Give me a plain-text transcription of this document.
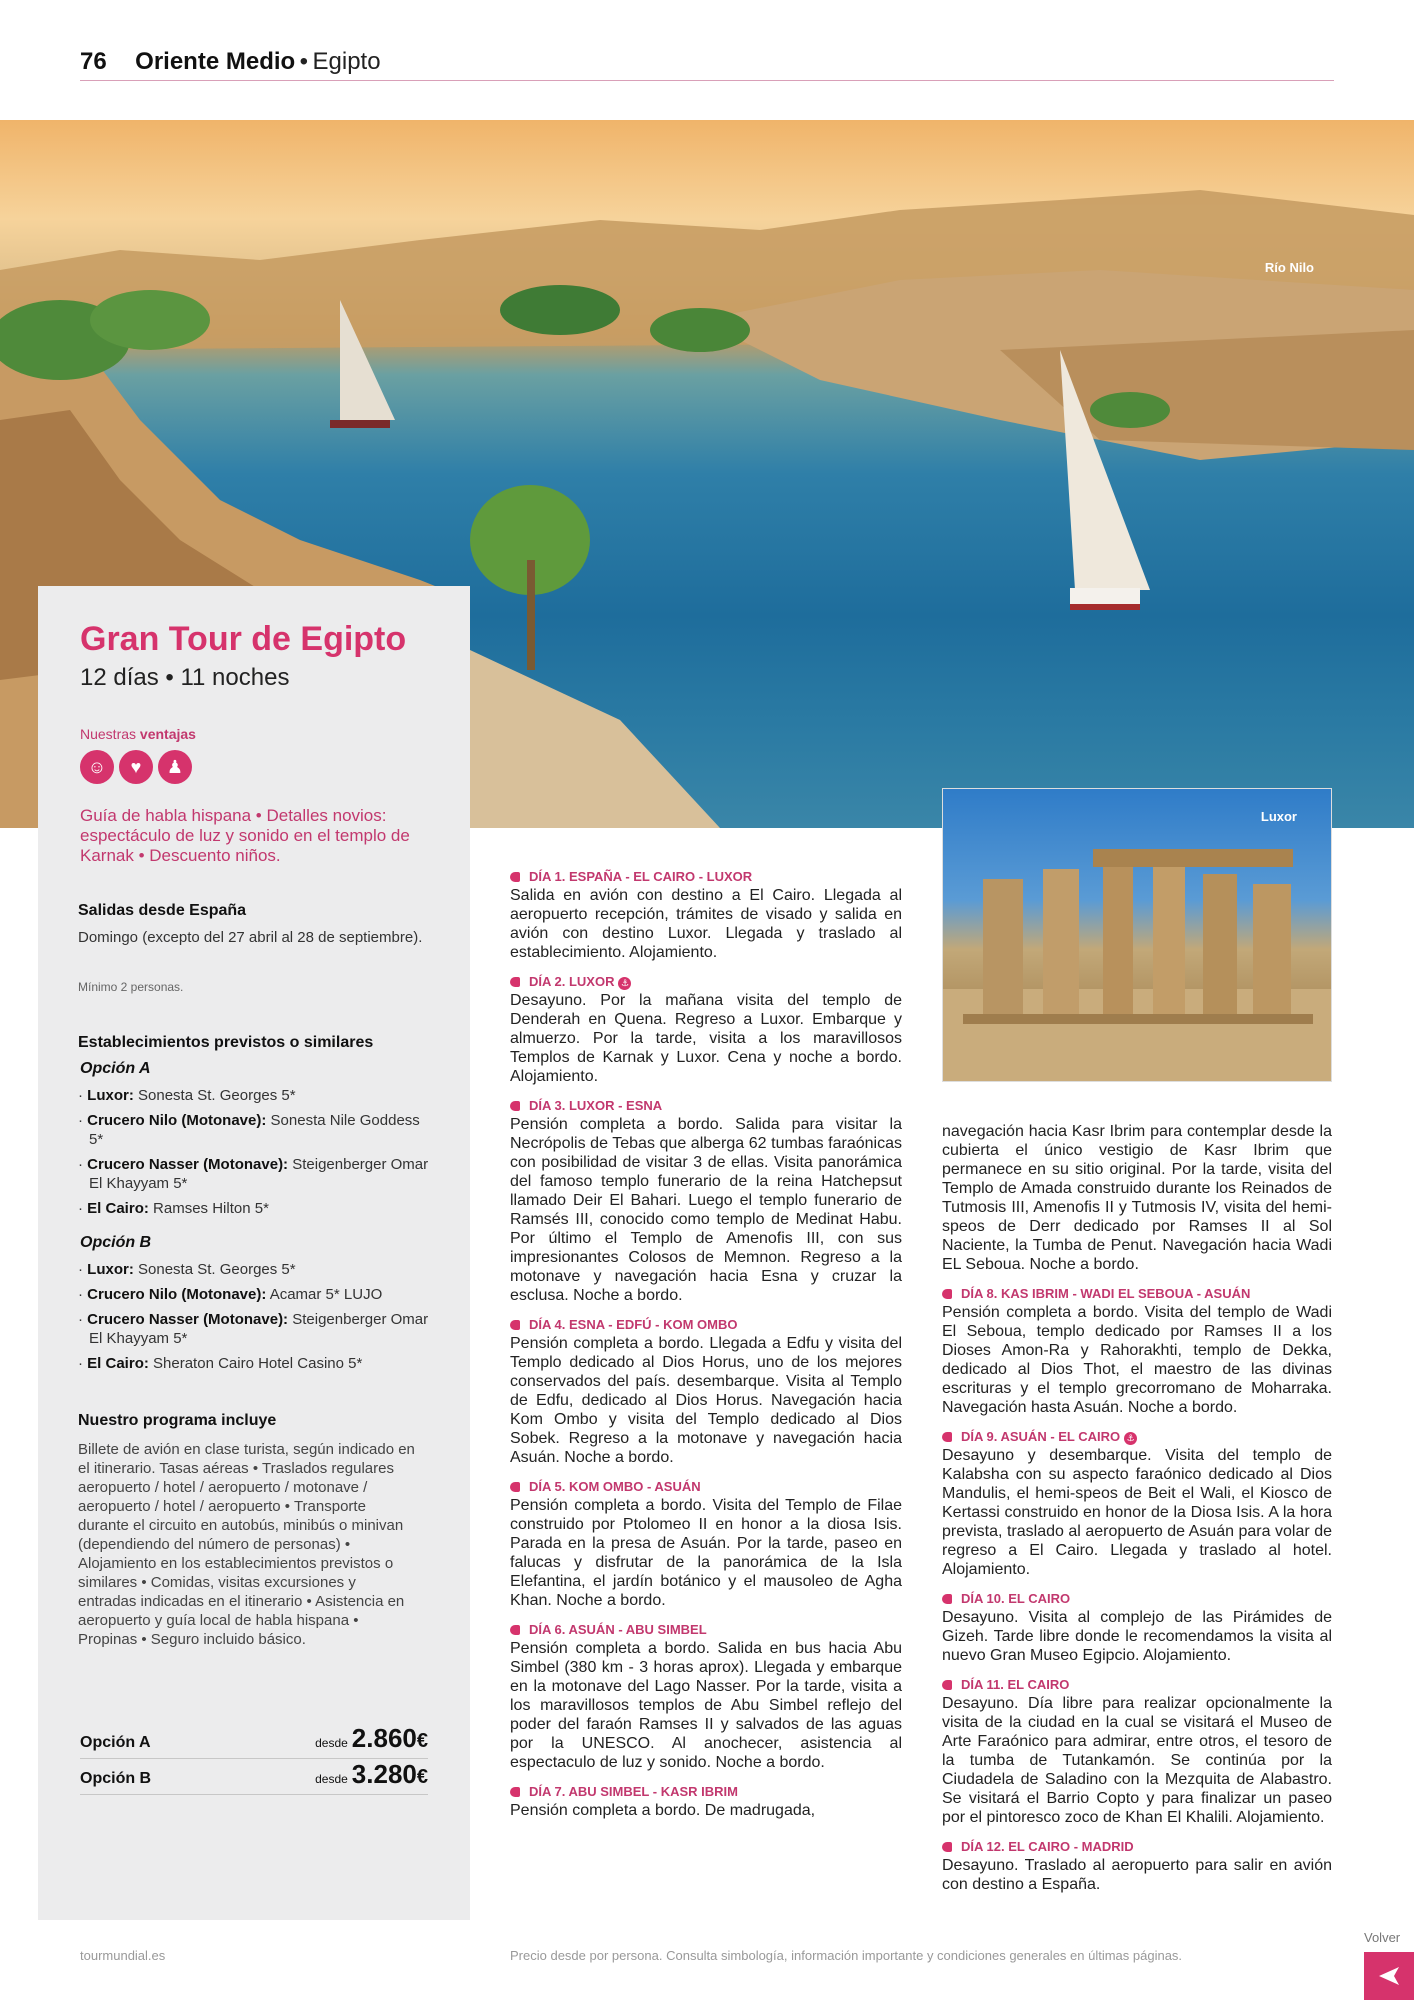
76 Oriente Medio • Egipto
Río Nilo
Gran Tour de Egipto
12 días • 11 noches
Nuestras ventajas
☺	♥	♟
Guía de habla hispana • Detalles novios: espectáculo de luz y sonido en el templo de Karnak • Descuento niños.
Salidas desde España
Domingo (excepto del 27 abril al 28 de septiembre).
Mínimo 2 personas.
Establecimientos previstos o similares
Opción A
· Luxor: Sonesta St. Georges 5*
· Crucero Nilo (Motonave): Sonesta Nile Goddess 5*
· Crucero Nasser (Motonave): Steigenberger Omar El Khayyam 5*
· El Cairo: Ramses Hilton 5*
Opción B
· Luxor: Sonesta St. Georges 5*
· Crucero Nilo (Motonave): Acamar 5* LUJO
· Crucero Nasser (Motonave): Steigenberger Omar El Khayyam 5*
· El Cairo: Sheraton Cairo Hotel Casino 5*
Nuestro programa incluye
Billete de avión en clase turista, según indicado en el itinerario. Tasas aéreas • Traslados regulares aeropuerto / hotel / aeropuerto / motonave / aeropuerto / hotel / aeropuerto • Transporte durante el circuito en autobús, minibús o minivan (dependiendo del número de personas) • Alojamiento en los establecimientos previstos o similares • Comidas, visitas excursiones y entradas indicadas en el itinerario • Asistencia en aeropuerto y guía local de habla hispana • Propinas • Seguro incluido básico.
Opción A	desde 2.860€
Opción B	desde 3.280€
DÍA 1. ESPAÑA - EL CAIRO - LUXOR

Salida en avión con destino a El Cairo. Llegada al aeropuerto recepción, trámites de visado y salida en avión con destino Luxor. Llegada y traslado al establecimiento. Alojamiento.

DÍA 2. LUXOR ⚓

Desayuno. Por la mañana visita del templo de Denderah en Quena. Regreso a Luxor. Embarque y almuerzo. Por la tarde, visita a los maravillosos Templos de Karnak y Luxor. Cena y noche a bordo. Alojamiento.

DÍA 3. LUXOR - ESNA

Pensión completa a bordo. Salida para visitar la Necrópolis de Tebas que alberga 62 tumbas faraónicas con posibilidad de visitar 3 de ellas. Visita panorámica del famoso templo funerario de la reina Hatchepsut llamado Deir El Bahari. Luego el templo funerario de Ramsés III, conocido como templo de Medinat Habu. Por último el Templo de Amenofis III, con sus impresionantes Colosos de Memnon. Regreso a la motonave y navegación hacia Esna y cruzar la esclusa. Noche a bordo.

DÍA 4. ESNA - EDFÚ - KOM OMBO

Pensión completa a bordo. Llegada a Edfu y visita del Templo dedicado al Dios Horus, uno de los mejores conservados del país. desembarque. Visita al Templo de Edfu, dedicado al Dios Horus. Navegación hacia Kom Ombo y visita del Templo dedicado al Dios Sobek. Regreso a la motonave y navegación hacia Asuán. Noche a bordo.

DÍA 5. KOM OMBO - ASUÁN

Pensión completa a bordo. Visita del Templo de Filae construido por Ptolomeo II en honor a la diosa Isis. Parada en la presa de Asuán. Por la tarde, paseo en falucas y disfrutar de la panorámica de la Isla Elefantina, el jardín botánico y el mausoleo de Agha Khan. Noche a bordo.

DÍA 6. ASUÁN - ABU SIMBEL

Pensión completa a bordo. Salida en bus hacia Abu Simbel (380 km - 3 horas aprox). Llegada y embarque en la motonave del Lago Nasser. Por la tarde, visita a los maravillosos templos de Abu Simbel reflejo del poder del faraón Ramses II y salvados de las aguas por la UNESCO. Al anochecer, asistencia al espectaculo de luz y sonido. Noche a bordo.

DÍA 7. ABU SIMBEL - KASR IBRIM

Pensión completa a bordo. De madrugada,

Luxor

navegación hacia Kasr Ibrim para contemplar desde la cubierta el único vestigio de Kasr Ibrim que permanece en su sitio original. Por la tarde, visita del Templo de Amada construido durante los Reinados de Tutmosis III, Amenofis II y Tutmosis IV, visita del hemi-speos de Derr dedicado por Ramses II al Sol Naciente, la Tumba de Penut. Navegación hacia Wadi EL Seboua. Noche a bordo.

DÍA 8. KAS IBRIM - WADI EL SEBOUA - ASUÁN

Pensión completa a bordo. Visita del templo de Wadi El Seboua, templo dedicado por Ramses II a los Dioses Amon-Ra y Rahorakhti, templo de Dekka, dedicado al Dios Thot, el maestro de las divinas escrituras y el templo grecorromano de Moharraka. Navegación hasta Asuán. Noche a bordo.

DÍA 9. ASUÁN - EL CAIRO ⚓

Desayuno y desembarque. Visita del templo de Kalabsha con su aspecto faraónico dedicado al Dios Mandulis, el hemi-speos de Beit el Wali, el Kiosco de Kertassi construido en honor de la Diosa Isis. A la hora prevista, traslado al aeropuerto de Asuán para volar de regreso a El Cairo. Llegada y traslado al hotel. Alojamiento.

DÍA 10. EL CAIRO

Desayuno. Visita al complejo de las Pirámides de Gizeh. Tarde libre donde le recomendamos la visita al nuevo Gran Museo Egipcio. Alojamiento.

DÍA 11. EL CAIRO

Desayuno. Día libre para realizar opcionalmente la visita de la ciudad en la cual se visitará el Museo de Arte Faraónico para admirar, entre otros, el tesoro de la tumba de Tutankamón. Se continúa por la Ciudadela de Saladino con la Mezquita de Alabastro. Se visitará el Barrio Copto y para finalizar un paseo por el pintoresco zoco de Khan El Khalili. Alojamiento.

DÍA 12. EL CAIRO - MADRID

Desayuno. Traslado al aeropuerto para salir en avión con destino a España.

tourmundial.es	Precio desde por persona. Consulta simbología, información importante y condiciones generales en últimas páginas.
Volver
